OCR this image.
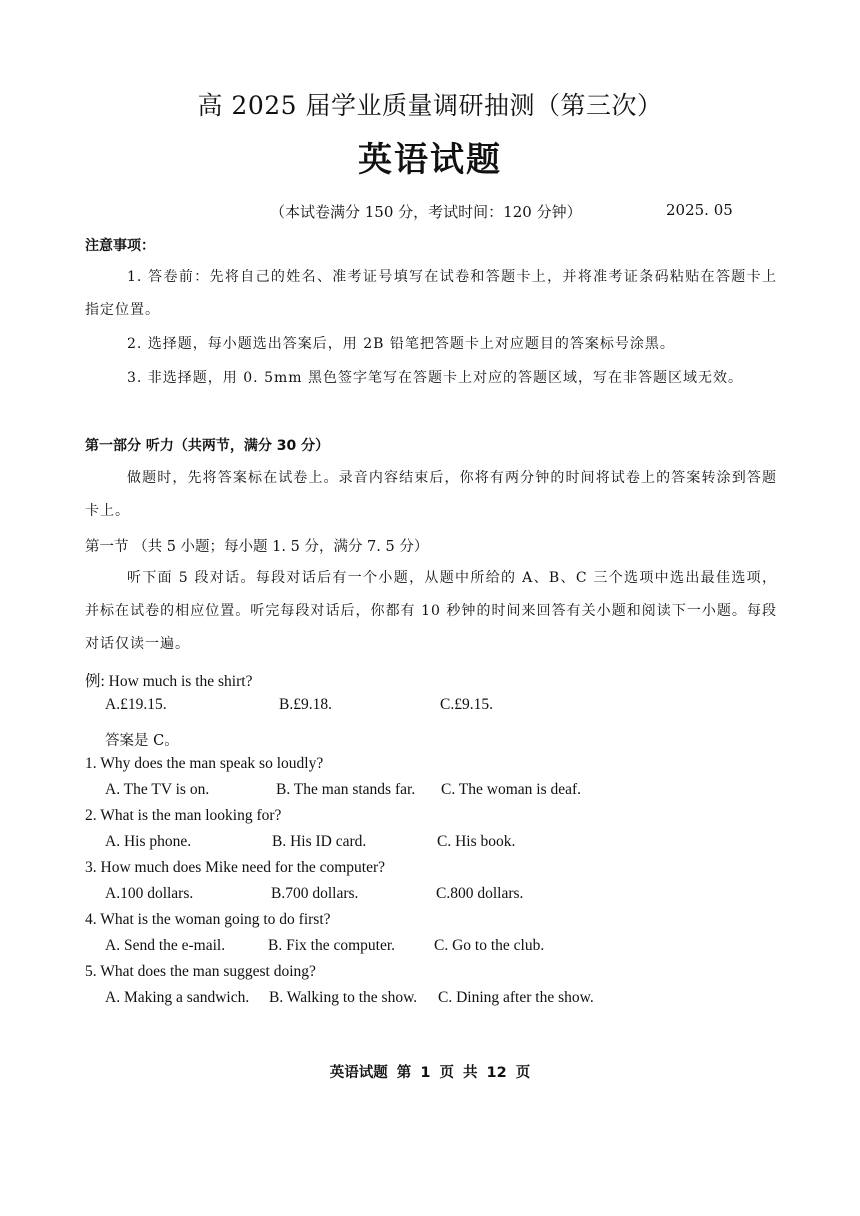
高 2025 届学业质量调研抽测（第三次）
英语试题
（本试卷满分 150 分，考试时间：120 分钟）	2025. 05
注意事项：
1. 答卷前：先将自己的姓名、准考证号填写在试卷和答题卡上，并将准考证条码粘贴在答题卡上指定位置。
2. 选择题，每小题选出答案后，用 2B 铅笔把答题卡上对应题目的答案标号涂黑。
3. 非选择题，用 0. 5mm 黑色签字笔写在答题卡上对应的答题区域，写在非答题区域无效。
第一部分 听力（共两节，满分 30 分）
做题时，先将答案标在试卷上。录音内容结束后，你将有两分钟的时间将试卷上的答案转涂到答题卡上。
第一节 （共 5 小题；每小题 1. 5 分，满分 7. 5 分）
听下面 5 段对话。每段对话后有一个小题，从题中所给的 A、B、C 三个选项中选出最佳选项，并标在试卷的相应位置。听完每段对话后，你都有 10 秒钟的时间来回答有关小题和阅读下一小题。每段对话仅读一遍。
例: How much is the shirt?
A.£19.15.	B.£9.18.	C.£9.15.
答案是 C。
1. Why does the man speak so loudly?
A. The TV is on.	B. The man stands far. C. The woman is deaf.
2. What is the man looking for?
A. His phone.	B. His ID card.	C. His book.
3. How much does Mike need for the computer?
A.100 dollars.	B.700 dollars.	C.800 dollars.
4. What is the woman going to do first?
A. Send the e-mail.	B. Fix the computer.	C. Go to the club.
5. What does the man suggest doing?
A. Making a sandwich. B. Walking to the show. C. Dining after the show.
英语试题 第 1 页 共 12 页
